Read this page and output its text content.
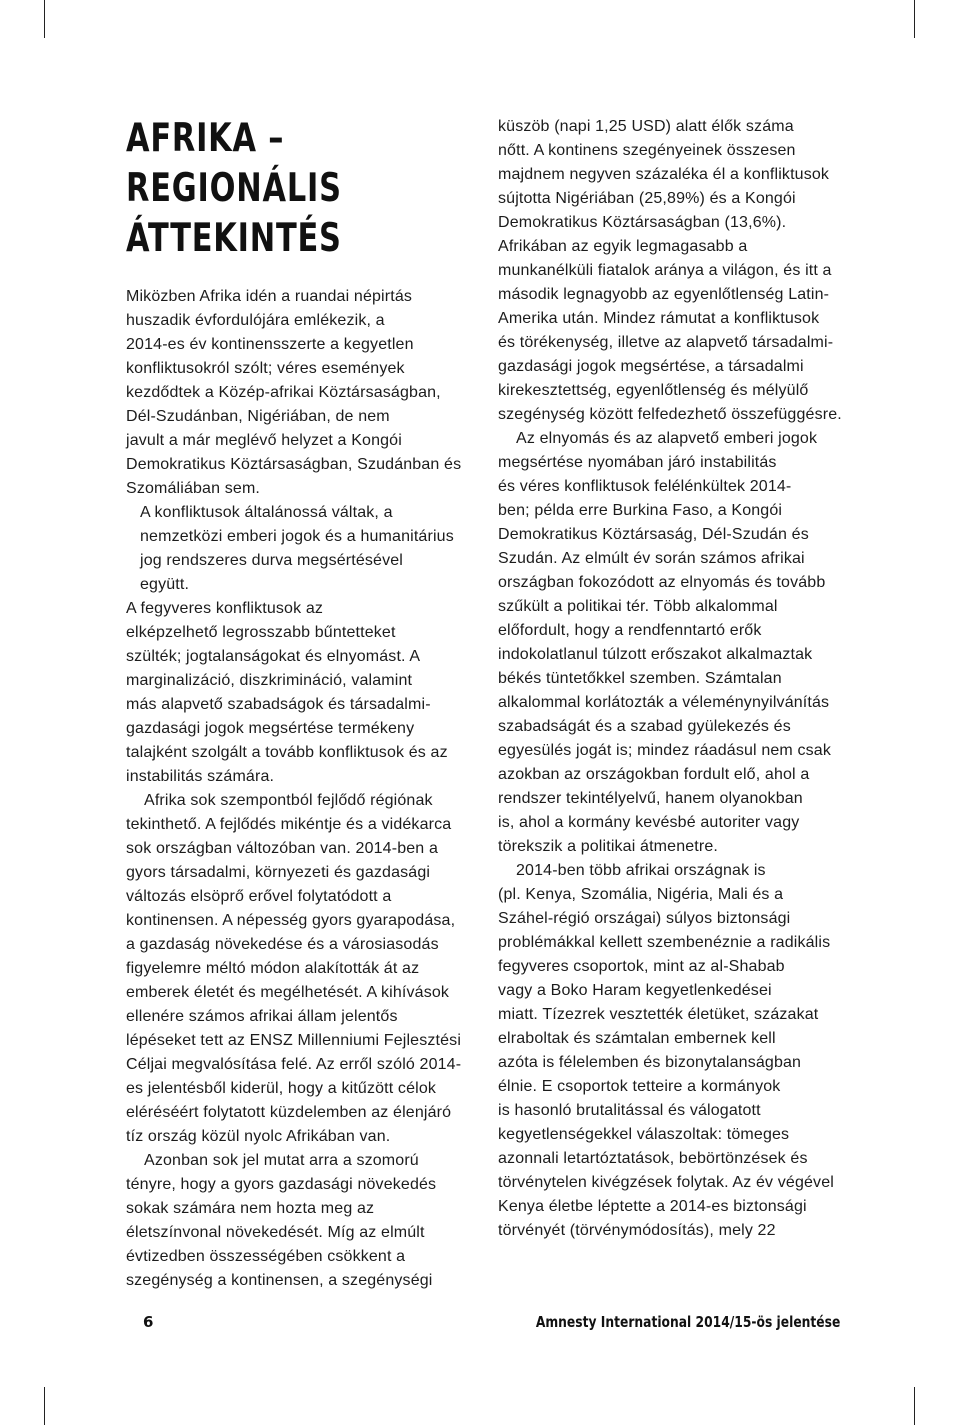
AFRIKA –
REGIONÁLIS
ÁTTEKINTÉS

Miközben Afrika idén a ruandai népirtás
huszadik évfordulójára emlékezik, a
2014-es év kontinensszerte a kegyetlen
konfliktusokról szólt; véres események
kezdődtek a Közép-afrikai Köztársaságban,
Dél-Szudánban, Nigériában, de nem
javult a már meglévő helyzet a Kongói
Demokratikus Köztársaságban, Szudánban és
Szomáliában sem.

A konfliktusok általánossá váltak, a
nemzetközi emberi jogok és a humanitárius
jog rendszeres durva megsértésével
együtt.

A fegyveres konfliktusok az
elképzelhető legrosszabb bűntetteket
szülték; jogtalanságokat és elnyomást. A
marginalizáció, diszkrimináció, valamint
más alapvető szabadságok és társadalmi-
gazdasági jogok megsértése termékeny
talajként szolgált a tovább konfliktusok és az
instabilitás számára.

Afrika sok szempontból fejlődő régiónak
tekinthető. A fejlődés mikéntje és a vidékarca
sok országban változóban van. 2014-ben a
gyors társadalmi, környezeti és gazdasági
változás elsöprő erővel folytatódott a
kontinensen. A népesség gyors gyarapodása,
a gazdaság növekedése és a városiasodás
figyelemre méltó módon alakították át az
emberek életét és megélhetését. A kihívások
ellenére számos afrikai állam jelentős
lépéseket tett az ENSZ Millenniumi Fejlesztési
Céljai megvalósítása felé. Az erről szóló 2014-
es jelentésből kiderül, hogy a kitűzött célok
eléréséért folytatott küzdelemben az élenjáró
tíz ország közül nyolc Afrikában van.

Azonban sok jel mutat arra a szomorú
tényre, hogy a gyors gazdasági növekedés
sokak számára nem hozta meg az
életszínvonal növekedését. Míg az elmúlt
évtizedben összességében csökkent a
szegénység a kontinensen, a szegénységi

küszöb (napi 1,25 USD) alatt élők száma
nőtt. A kontinens szegényeinek összesen
majdnem negyven százaléka él a konfliktusok
sújtotta Nigériában (25,89%) és a Kongói
Demokratikus Köztársaságban (13,6%).
Afrikában az egyik legmagasabb a
munkanélküli fiatalok aránya a világon, és itt a
második legnagyobb az egyenlőtlenség Latin-
Amerika után. Mindez rámutat a konfliktusok
és törékenység, illetve az alapvető társadalmi-
gazdasági jogok megsértése, a társadalmi
kirekesztettség, egyenlőtlenség és mélyülő
szegénység között felfedezhető összefüggésre.

Az elnyomás és az alapvető emberi jogok
megsértése nyomában járó instabilitás
és véres konfliktusok felélénkültek 2014-
ben; példa erre Burkina Faso, a Kongói
Demokratikus Köztársaság, Dél-Szudán és
Szudán. Az elmúlt év során számos afrikai
országban fokozódott az elnyomás és tovább
szűkült a politikai tér. Több alkalommal
előfordult, hogy a rendfenntartó erők
indokolatlanul túlzott erőszakot alkalmaztak
békés tüntetőkkel szemben. Számtalan
alkalommal korlátozták a véleménynyilvánítás
szabadságát és a szabad gyülekezés és
egyesülés jogát is; mindez ráadásul nem csak
azokban az országokban fordult elő, ahol a
rendszer tekintélyelvű, hanem olyanokban
is, ahol a kormány kevésbé autoriter vagy
törekszik a politikai átmenetre.

2014-ben több afrikai országnak is
(pl. Kenya, Szomália, Nigéria, Mali és a
Száhel-régió országai) súlyos biztonsági
problémákkal kellett szembenéznie a radikális
fegyveres csoportok, mint az al-Shabab
vagy a Boko Haram kegyetlenkedései
miatt. Tízezrek vesztették életüket, százakat
elraboltak és számtalan embernek kell
azóta is félelemben és bizonytalanságban
élnie. E csoportok tetteire a kormányok
is hasonló brutalitással és válogatott
kegyetlenségekkel válaszoltak: tömeges
azonnali letartóztatások, bebörtönzések és
törvénytelen kivégzések folytak. Az év végével
Kenya életbe léptette a 2014-es biztonsági
törvényét (törvénymódosítás), mely 22

6	Amnesty International 2014/15-ös jelentése
